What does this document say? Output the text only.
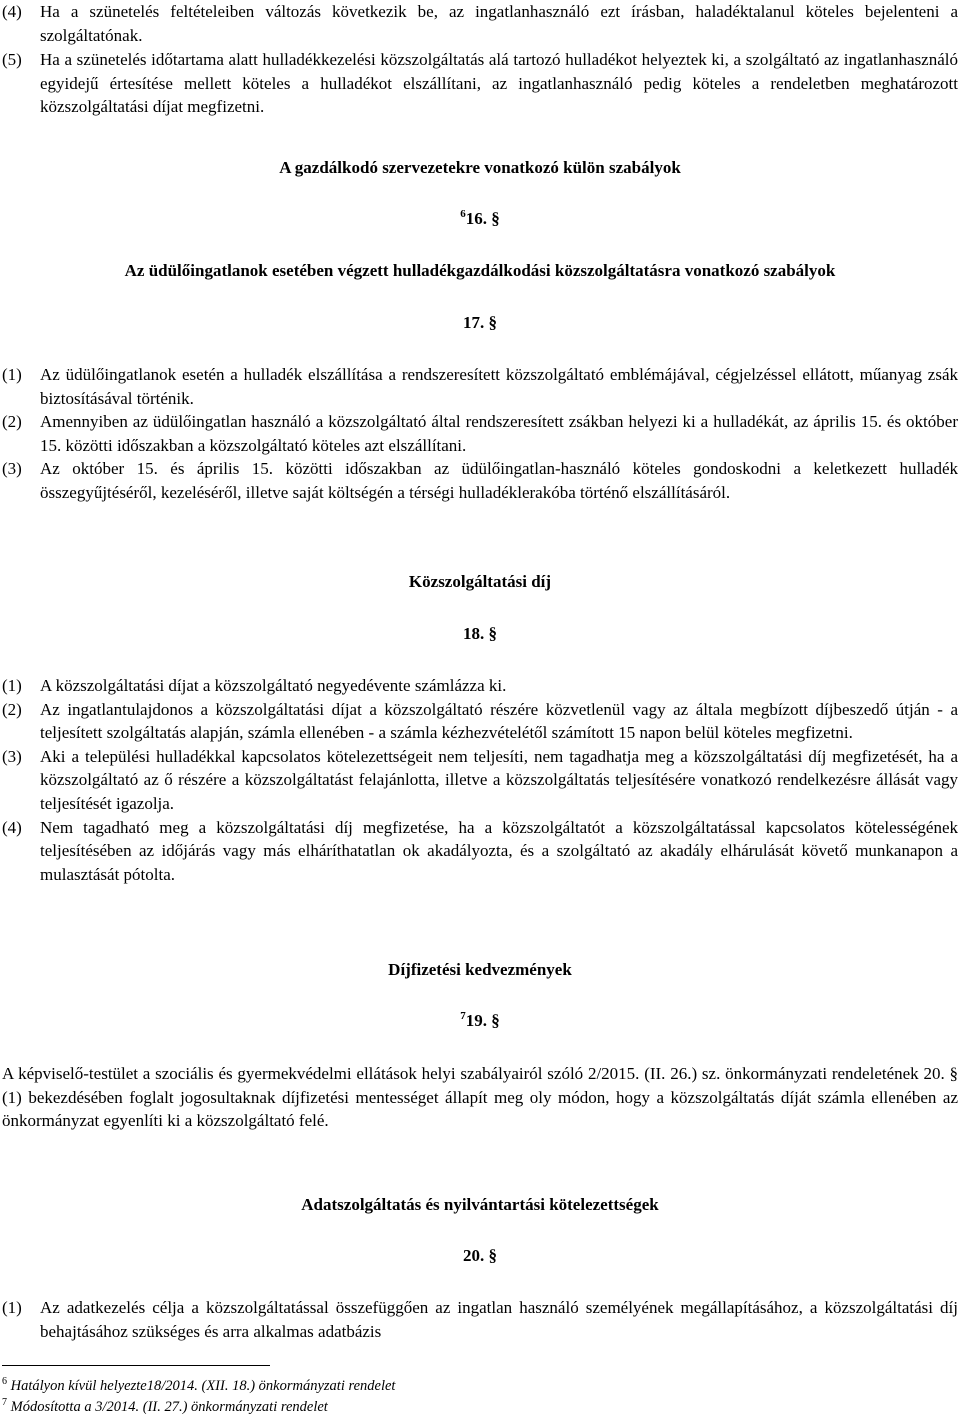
(4)	Ha a szünetelés feltételeiben változás következik be, az ingatlanhasználó ezt írásban, haladéktalanul köteles bejelenteni a szolgáltatónak.
(5)	Ha a szünetelés időtartama alatt hulladékkezelési közszolgáltatás alá tartozó hulladékot helyeztek ki, a szolgáltató az ingatlanhasználó egyidejű értesítése mellett köteles a hulladékot elszállítani, az ingatlanhasználó pedig köteles a rendeletben meghatározott közszolgáltatási díjat megfizetni.
A gazdálkodó szervezetekre vonatkozó külön szabályok
$^6$16. §
Az üdülőingatlanok esetében végzett hulladékgazdálkodási közszolgáltatásra vonatkozó szabályok
17. §
(1)	Az üdülőingatlanok esetén a hulladék elszállítása a rendszeresített közszolgáltató emblémájával, cégjelzéssel ellátott, műanyag zsák biztosításával történik.
(2)	Amennyiben az üdülőingatlan használó a közszolgáltató által rendszeresített zsákban helyezi ki a hulladékát, az április 15. és október 15. közötti időszakban a közszolgáltató köteles azt elszállítani.
(3)	Az október 15. és április 15. közötti időszakban az üdülőingatlan-használó köteles gondoskodni a keletkezett hulladék összegyűjtéséről, kezeléséről, illetve saját költségén a térségi hulladéklerakóba történő elszállításáról.
Közszolgáltatási díj
18. §
(1)	A közszolgáltatási díjat a közszolgáltató negyedévente számlázza ki.
(2)	Az ingatlantulajdonos a közszolgáltatási díjat a közszolgáltató részére közvetlenül vagy az általa megbízott díjbeszedő útján - a teljesített szolgáltatás alapján, számla ellenében - a számla kézhezvételétől számított 15 napon belül köteles megfizetni.
(3)	Aki a települési hulladékkal kapcsolatos kötelezettségeit nem teljesíti, nem tagadhatja meg a közszolgáltatási díj megfizetését, ha a közszolgáltató az ő részére a közszolgáltatást felajánlotta, illetve a közszolgáltatás teljesítésére vonatkozó rendelkezésre állását vagy teljesítését igazolja.
(4)	Nem tagadható meg a közszolgáltatási díj megfizetése, ha a közszolgáltatót a közszolgáltatással kapcsolatos kötelességének teljesítésében az időjárás vagy más elháríthatatlan ok akadályozta, és a szolgáltató az akadály elhárulását követő munkanapon a mulasztását pótolta.
Díjfizetési kedvezmények
$^7$19. §
A képviselő-testület a szociális és gyermekvédelmi ellátások helyi szabályairól szóló 2/2015. (II. 26.) sz. önkormányzati rendeletének 20. § (1) bekezdésében foglalt jogosultaknak díjfizetési mentességet állapít meg oly módon, hogy a közszolgáltatás díját számla ellenében az önkormányzat egyenlíti ki a közszolgáltató felé.
Adatszolgáltatás és nyilvántartási kötelezettségek
20. §
(1)	Az adatkezelés célja a közszolgáltatással összefüggően az ingatlan használó személyének megállapításához, a közszolgáltatási díj behajtásához szükséges és arra alkalmas adatbázis
$^6$ Hatályon kívül helyezte18/2014. (XII. 18.) önkormányzati rendelet
$^7$ Módosította a 3/2014. (II. 27.) önkormányzati rendelet
